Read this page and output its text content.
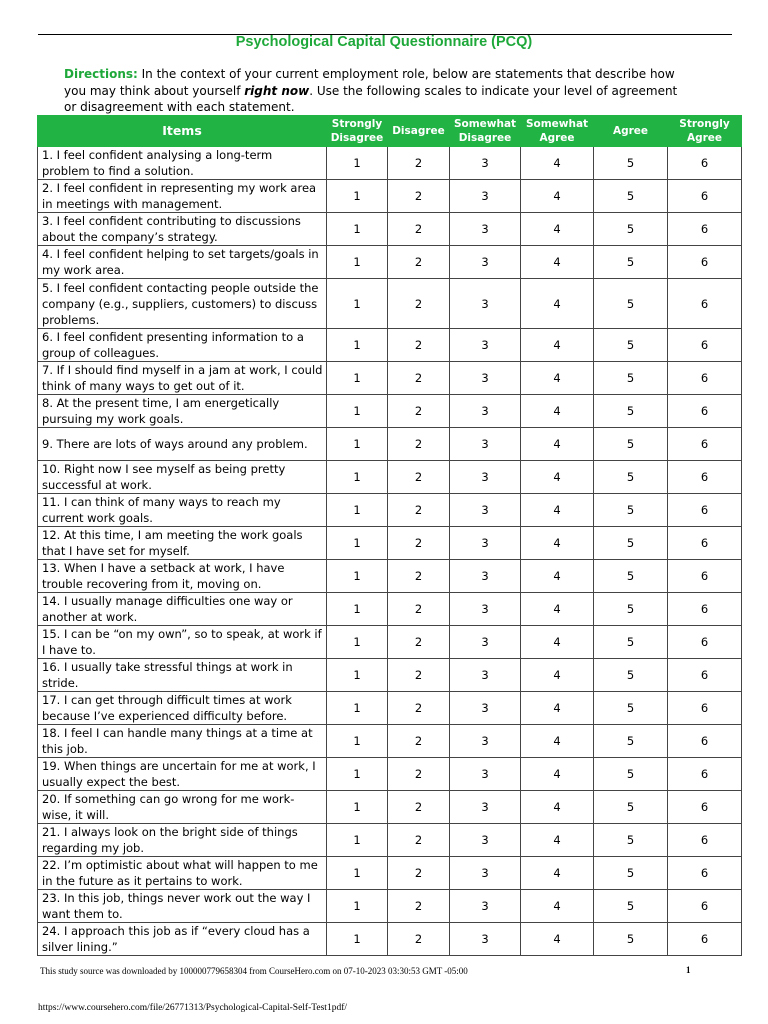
Psychological Capital Questionnaire (PCQ)
Directions: In the context of your current employment role, below are statements that describe how you may think about yourself right now. Use the following scales to indicate your level of agreement or disagreement with each statement.
Items	Strongly Disagree	Disagree	Somewhat Disagree	Somewhat Agree	Agree	Strongly Agree
1. I feel confident analysing a long-term problem to find a solution.	1	2	3	4	5	6
2. I feel confident in representing my work area in meetings with management.	1	2	3	4	5	6
3. I feel confident contributing to discussions about the company’s strategy.	1	2	3	4	5	6
4. I feel confident helping to set targets/goals in my work area.	1	2	3	4	5	6
5. I feel confident contacting people outside the company (e.g., suppliers, customers) to discuss problems.	1	2	3	4	5	6
6. I feel confident presenting information to a group of colleagues.	1	2	3	4	5	6
7. If I should find myself in a jam at work, I could think of many ways to get out of it.	1	2	3	4	5	6
8. At the present time, I am energetically pursuing my work goals.	1	2	3	4	5	6
9. There are lots of ways around any problem.	1	2	3	4	5	6
10. Right now I see myself as being pretty successful at work.	1	2	3	4	5	6
11. I can think of many ways to reach my current work goals.	1	2	3	4	5	6
12. At this time, I am meeting the work goals that I have set for myself.	1	2	3	4	5	6
13. When I have a setback at work, I have trouble recovering from it, moving on.	1	2	3	4	5	6
14. I usually manage difficulties one way or another at work.	1	2	3	4	5	6
15. I can be “on my own”, so to speak, at work if I have to.	1	2	3	4	5	6
16. I usually take stressful things at work in stride.	1	2	3	4	5	6
17. I can get through difficult times at work because I’ve experienced difficulty before.	1	2	3	4	5	6
18. I feel I can handle many things at a time at this job.	1	2	3	4	5	6
19. When things are uncertain for me at work, I usually expect the best.	1	2	3	4	5	6
20. If something can go wrong for me work-wise, it will.	1	2	3	4	5	6
21. I always look on the bright side of things regarding my job.	1	2	3	4	5	6
22. I’m optimistic about what will happen to me in the future as it pertains to work.	1	2	3	4	5	6
23. In this job, things never work out the way I want them to.	1	2	3	4	5	6
24. I approach this job as if “every cloud has a silver lining.”	1	2	3	4	5	6
This study source was downloaded by 100000779658304 from CourseHero.com on 07-10-2023 03:30:53 GMT -05:00	1
https://www.coursehero.com/file/26771313/Psychological-Capital-Self-Test1pdf/
